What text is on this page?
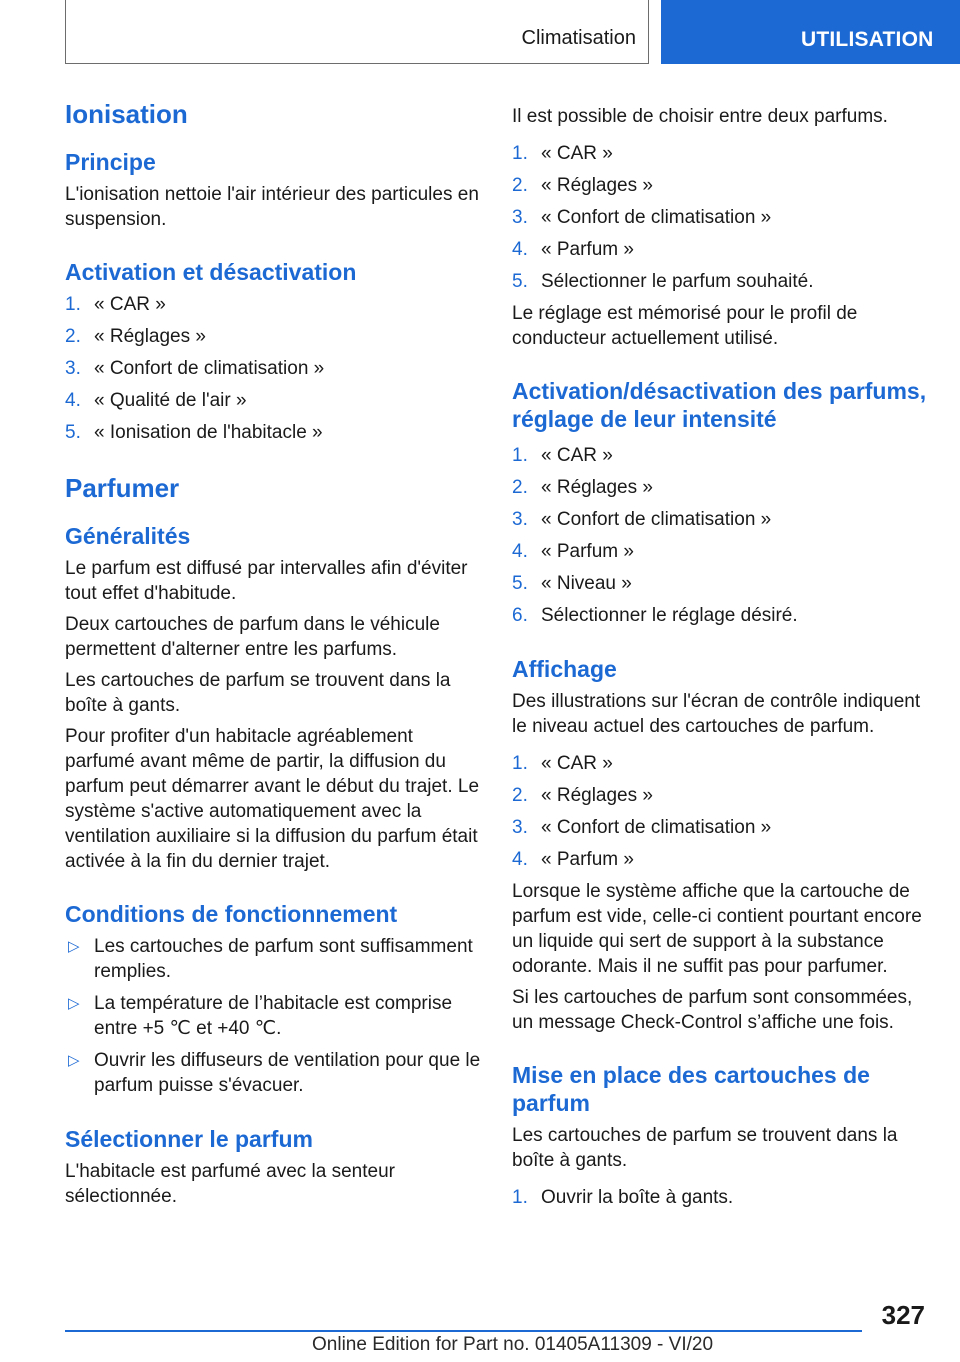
Climatisation	UTILISATION
Ionisation
Principe

L'ionisation nettoie l'air intérieur des particules en suspension.

Activation et désactivation
1. « CAR »
2. « Réglages »
3. « Confort de climatisation »
4. « Qualité de l'air »
5. « Ionisation de l'habitacle »
Parfumer
Généralités

Le parfum est diffusé par intervalles afin d'éviter tout effet d'habitude.

Deux cartouches de parfum dans le véhicule permettent d'alterner entre les parfums.

Les cartouches de parfum se trouvent dans la boîte à gants.

Pour profiter d'un habitacle agréablement parfumé avant même de partir, la diffusion du parfum peut démarrer avant le début du trajet. Le système s'active automatiquement avec la ventilation auxiliaire si la diffusion du parfum était activée à la fin du dernier trajet.

Conditions de fonctionnement
▷ Les cartouches de parfum sont suffisamment remplies.
▷ La température de l’habitacle est comprise entre +5 ℃ et +40 ℃.
▷ Ouvrir les diffuseurs de ventilation pour que le parfum puisse s'évacuer.
Sélectionner le parfum

L'habitacle est parfumé avec la senteur sélectionnée.

Il est possible de choisir entre deux parfums.

1. « CAR »
2. « Réglages »
3. « Confort de climatisation »
4. « Parfum »
5. Sélectionner le parfum souhaité.

Le réglage est mémorisé pour le profil de conducteur actuellement utilisé.

Activation/désactivation des parfums, réglage de leur intensité
1. « CAR »
2. « Réglages »
3. « Confort de climatisation »
4. « Parfum »
5. « Niveau »
6. Sélectionner le réglage désiré.
Affichage

Des illustrations sur l'écran de contrôle indiquent le niveau actuel des cartouches de parfum.

1. « CAR »
2. « Réglages »
3. « Confort de climatisation »
4. « Parfum »

Lorsque le système affiche que la cartouche de parfum est vide, celle-ci contient pourtant encore un liquide qui sert de support à la substance odorante. Mais il ne suffit pas pour parfumer.

Si les cartouches de parfum sont consommées, un message Check-Control s’affiche une fois.

Mise en place des cartouches de parfum

Les cartouches de parfum se trouvent dans la boîte à gants.

1. Ouvrir la boîte à gants.
327
Online Edition for Part no. 01405A11309 - VI/20
